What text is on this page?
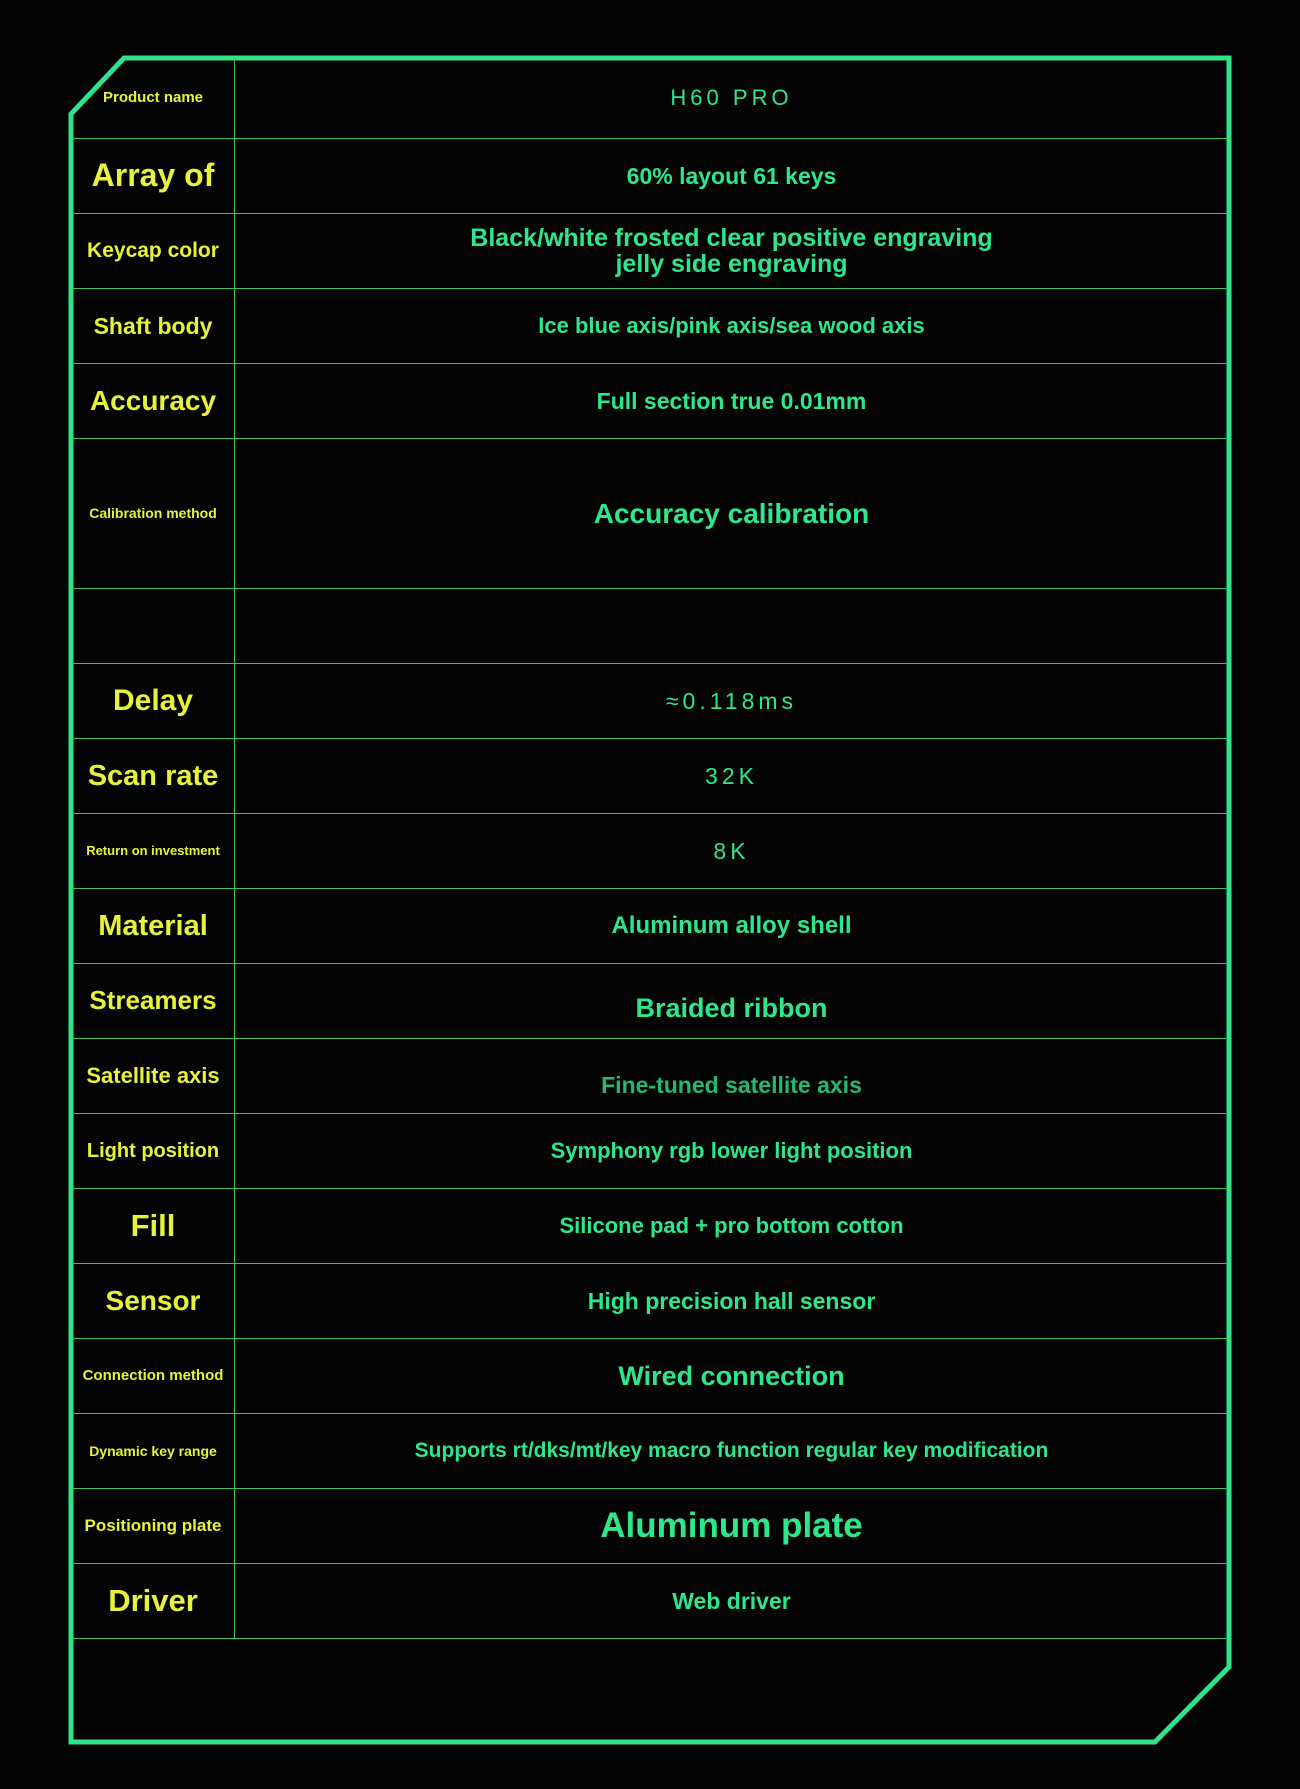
Product name	H60 PRO
Array of	60% layout 61 keys
Keycap color	Black/white frosted clear positive engraving
jelly side engraving
Shaft body	Ice blue axis/pink axis/sea wood axis
Accuracy	Full section true 0.01mm
Calibration method	Accuracy calibration
Delay	≈0.118ms
Scan rate	32K
Return on investment	8K
Material	Aluminum alloy shell
Streamers	Braided ribbon
Satellite axis	Fine-tuned satellite axis
Light position	Symphony rgb lower light position
Fill	Silicone pad + pro bottom cotton
Sensor	High precision hall sensor
Connection method	Wired connection
Dynamic key range	Supports rt/dks/mt/key macro function regular key modification
Positioning plate	Aluminum plate
Driver	Web driver
